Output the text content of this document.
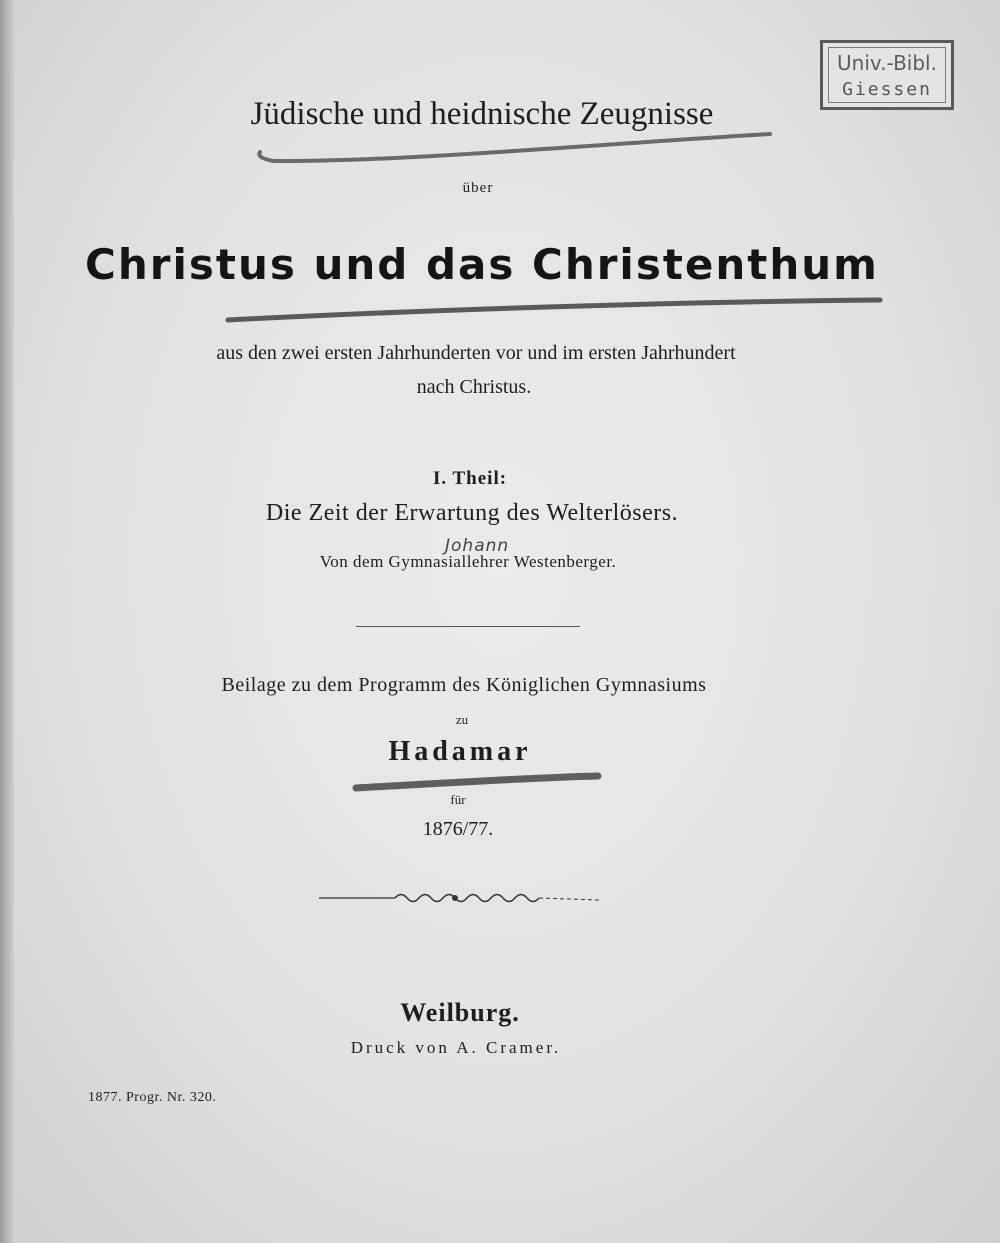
Univ.-Bibl.
Giessen
Jüdische und heidnische Zeugnisse
über
Christus und das Christenthum
aus den zwei ersten Jahrhunderten vor und im ersten Jahrhundert
nach Christus.
I. Theil:
Die Zeit der Erwartung des Welterlösers.
Johann
Von dem Gymnasiallehrer Westenberger.
Beilage zu dem Programm des Königlichen Gymnasiums
zu
Hadamar
für
1876/77.
Weilburg.
Druck von A. Cramer.
1877. Progr. Nr. 320.
